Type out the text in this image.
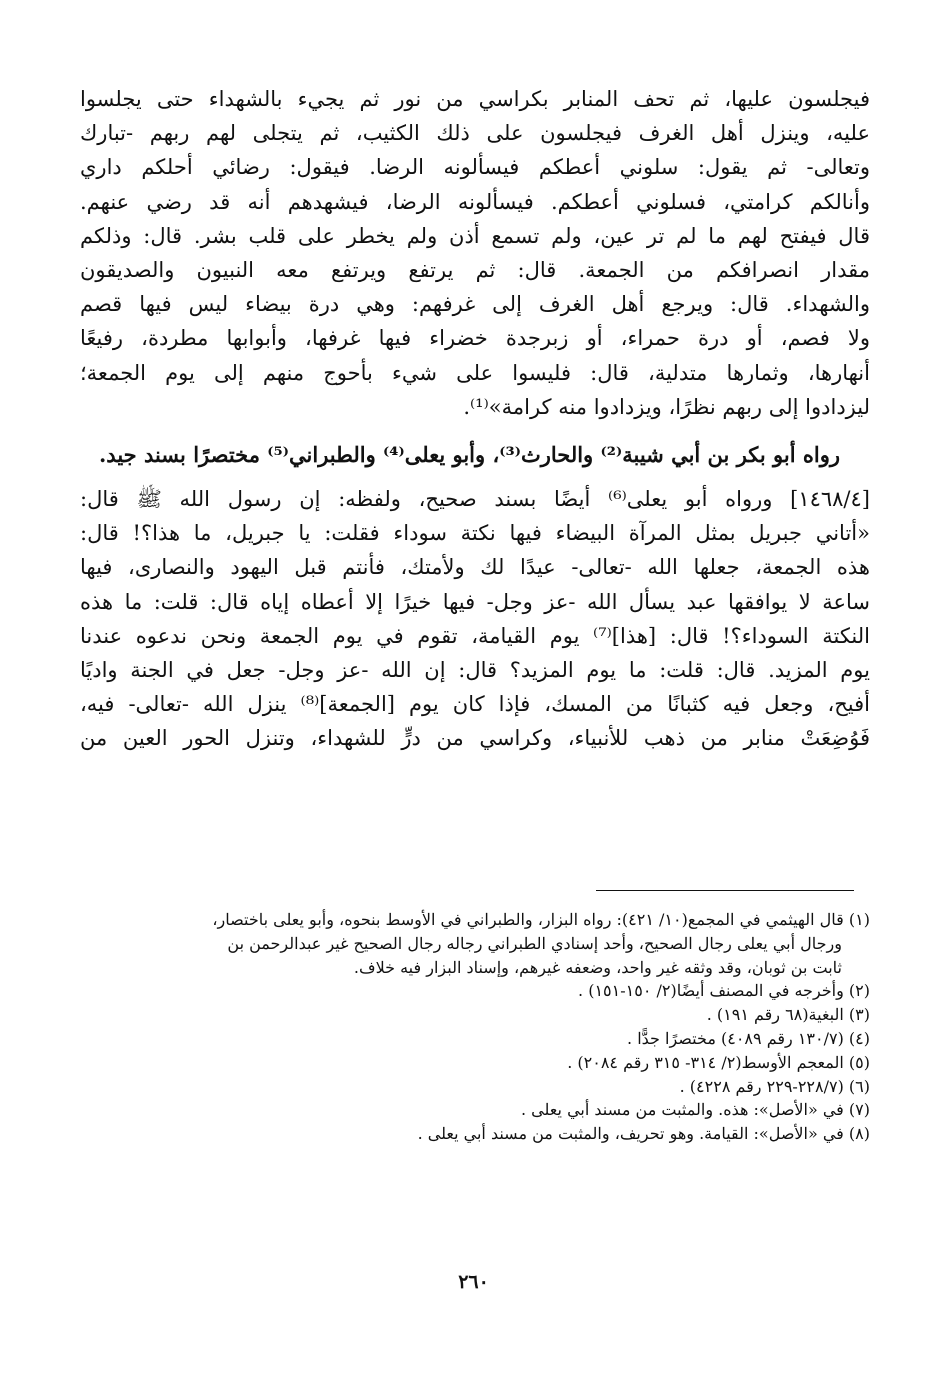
فيجلسون عليها، ثم تحف المنابر بكراسي من نور ثم يجيء بالشهداء حتى يجلسوا
عليه، وينزل أهل الغرف فيجلسون على ذلك الكثيب، ثم يتجلى لهم ربهم -تبارك
وتعالى- ثم يقول: سلوني أعطكم فيسألونه الرضا. فيقول: رضائي أحلكم داري
وأنالكم كرامتي، فسلوني أعطكم. فيسألونه الرضا، فيشهدهم أنه قد رضي عنهم.
قال فيفتح لهم ما لم تر عين، ولم تسمع أذن ولم يخطر على قلب بشر. قال: وذلكم
مقدار انصرافكم من الجمعة. قال: ثم يرتفع ويرتفع معه النبيون والصديقون
والشهداء. قال: ويرجع أهل الغرف إلى غرفهم: وهي درة بيضاء ليس فيها قصم
ولا فصم، أو درة حمراء، أو زبرجدة خضراء فيها غرفها، وأبوابها مطردة، رفيعًا
أنهارها، وثمارها متدلية، قال: فليسوا على شيء بأحوج منهم إلى يوم الجمعة؛
ليزدادوا إلى ربهم نظرًا، ويزدادوا منه كرامة»⁽¹⁾.
رواه أبو بكر بن أبي شيبة⁽²⁾ والحارث⁽³⁾، وأبو يعلى⁽⁴⁾ والطبراني⁽⁵⁾ مختصرًا بسند جيد.
[١٤٦٨/٤] ورواه أبو يعلى⁽⁶⁾ أيضًا بسند صحيح، ولفظه: إن رسول الله ﷺ قال:
«أتاني جبريل بمثل المرآة البيضاء فيها نكتة سوداء فقلت: يا جبريل، ما هذا؟! قال:
هذه الجمعة، جعلها الله -تعالى- عيدًا لك ولأمتك، فأنتم قبل اليهود والنصارى، فيها
ساعة لا يوافقها عبد يسأل الله -عز وجل- فيها خيرًا إلا أعطاه إياه قال: قلت: ما هذه
النكتة السوداء؟! قال: [هذا]⁽⁷⁾ يوم القيامة، تقوم في يوم الجمعة ونحن ندعوه عندنا
يوم المزيد. قال: قلت: ما يوم المزيد؟ قال: إن الله -عز وجل- جعل في الجنة واديًا
أفيح، وجعل فيه كثبانًا من المسك، فإذا كان يوم [الجمعة]⁽⁸⁾ ينزل الله -تعالى- فيه،
فَوُضِعَتْ منابر من ذهب للأنبياء، وكراسي من درٍّ للشهداء، وتنزل الحور العين من
(١) قال الهيثمي في المجمع(١٠/ ٤٢١): رواه البزار، والطبراني في الأوسط بنحوه، وأبو يعلى باختصار،
ورجال أبي يعلى رجال الصحيح، وأحد إسنادي الطبراني رجاله رجال الصحيح غير عبدالرحمن بن
ثابت بن ثوبان، وقد وثقه غير واحد، وضعفه غيرهم، وإسناد البزار فيه خلاف.
(٢) وأخرجه في المصنف أيضًا(٢/ ١٥٠-١٥١) .
(٣) البغية(٦٨ رقم ١٩١) .
(٤) (١٣٠/٧ رقم ٤٠٨٩) مختصرًا جدًّا .
(٥) المعجم الأوسط(٢/ ٣١٤- ٣١٥ رقم ٢٠٨٤) .
(٦) (٢٢٨/٧-٢٢٩ رقم ٤٢٢٨) .
(٧) في «الأصل»: هذه. والمثبت من مسند أبي يعلى .
(٨) في «الأصل»: القيامة. وهو تحريف، والمثبت من مسند أبي يعلى .
٢٦٠
